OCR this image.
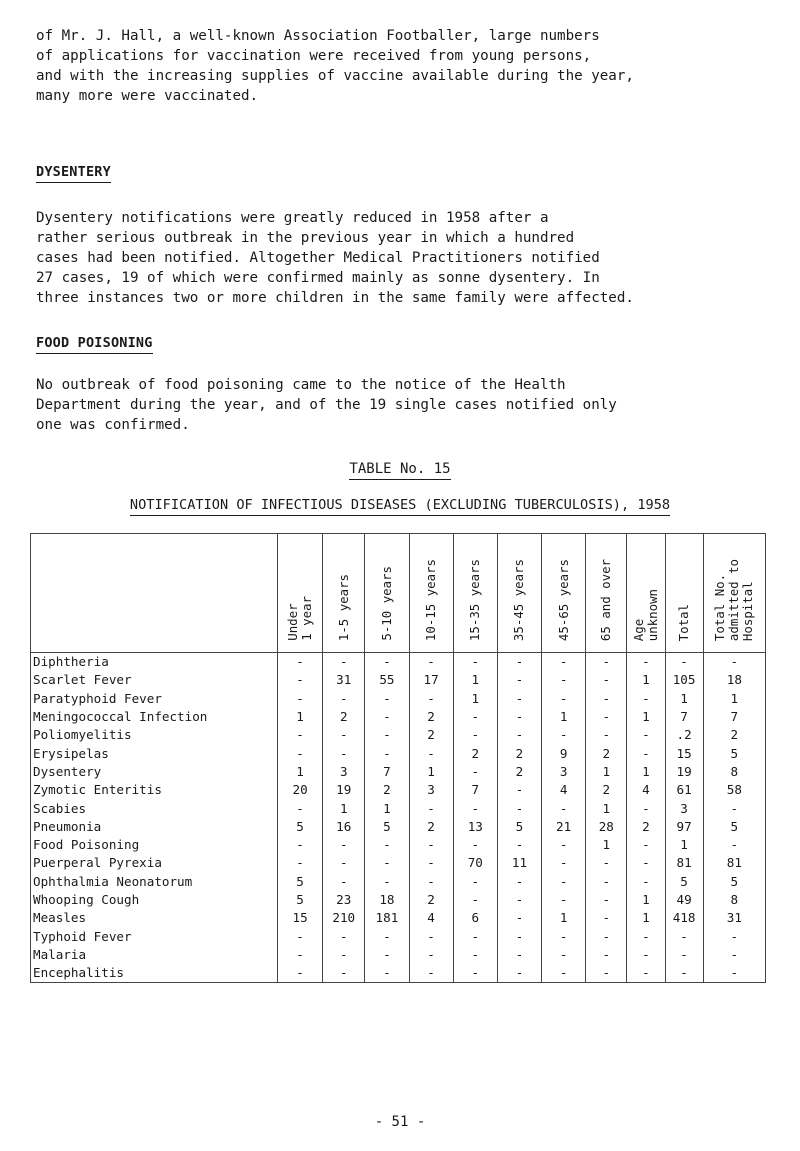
of Mr. J. Hall, a well-known Association Footballer, large numbers
of applications for vaccination were received from young persons,
and with the increasing supplies of vaccine available during the year,
many more were vaccinated.

DYSENTERY

Dysentery notifications were greatly reduced in 1958 after a
rather serious outbreak in the previous year in which a hundred
cases had been notified. Altogether Medical Practitioners notified
27 cases, 19 of which were confirmed mainly as sonne dysentery. In
three instances two or more children in the same family were affected.

FOOD POISONING

No outbreak of food poisoning came to the notice of the Health
Department during the year, and of the 19 single cases notified only
one was confirmed.

TABLE No. 15
NOTIFICATION OF INFECTIOUS DISEASES (EXCLUDING TUBERCULOSIS), 1958
	Under
1 year	1-5 years	5-10 years	10-15 years	15-35 years	35-45 years	45-65 years	65 and over	Age
unknown	Total	Total No.
admitted to
Hospital
Diphtheria	-	-	-	-	-	-	-	-	-	-	-
Scarlet Fever	-	31	55	17	1	-	-	-	1	105	18
Paratyphoid Fever	-	-	-	-	1	-	-	-	-	1	1
Meningococcal Infection	1	2	-	2	-	-	1	-	1	7	7
Poliomyelitis	-	-	-	2	-	-	-	-	-	.2	2
Erysipelas	-	-	-	-	2	2	9	2	-	15	5
Dysentery	1	3	7	1	-	2	3	1	1	19	8
Zymotic Enteritis	20	19	2	3	7	-	4	2	4	61	58
Scabies	-	1	1	-	-	-	-	1	-	3	-
Pneumonia	5	16	5	2	13	5	21	28	2	97	5
Food Poisoning	-	-	-	-	-	-	-	1	-	1	-
Puerperal Pyrexia	-	-	-	-	70	11	-	-	-	81	81
Ophthalmia Neonatorum	5	-	-	-	-	-	-	-	-	5	5
Whooping Cough	5	23	18	2	-	-	-	-	1	49	8
Measles	15	210	181	4	6	-	1	-	1	418	31
Typhoid Fever	-	-	-	-	-	-	-	-	-	-	-
Malaria	-	-	-	-	-	-	-	-	-	-	-
Encephalitis	-	-	-	-	-	-	-	-	-	-	-
- 51 -
